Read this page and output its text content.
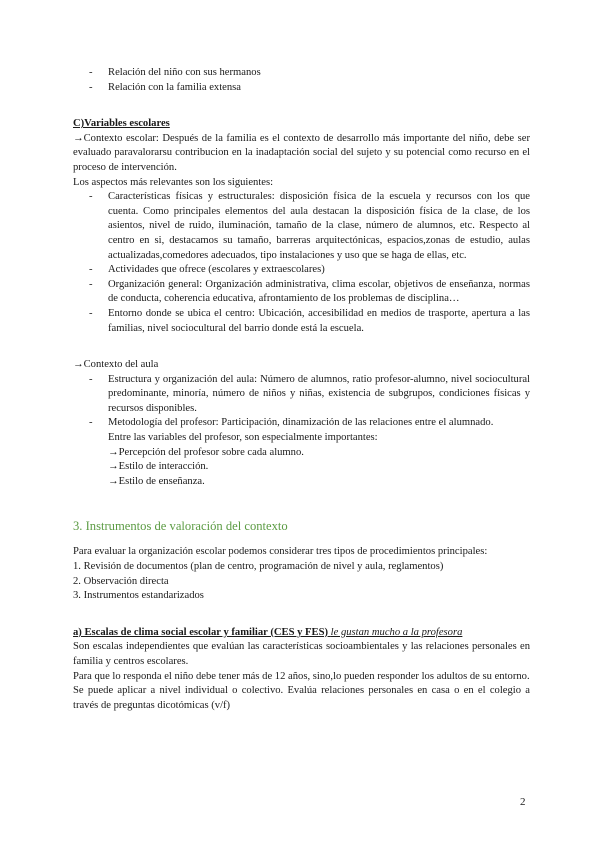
- Relación del niño con sus hermanos
- Relación con la familia extensa

C)Variables escolares

→Contexto escolar: Después de la familia es el contexto de desarrollo más importante del niño, debe ser evaluado paravalorarsu contribucion en la inadaptación social del sujeto y su potencial como recurso en el proceso de intervención.

Los aspectos más relevantes son los siguientes:

- Características físicas y estructurales: disposición física de la escuela y recursos con los que cuenta. Como principales elementos del aula destacan la disposición física de la clase, de los asientos, nivel de ruido, iluminación, tamaño de la clase, número de alumnos, etc. Respecto al centro en si, destacamos su tamaño, barreras arquitectónicas, espacios,zonas de estudio, aulas actualizadas,comedores adecuados, tipo instalaciones y uso que se haga de ellas, etc.
- Actividades que ofrece (escolares y extraescolares)
- Organización general: Organización administrativa, clima escolar, objetivos de enseñanza, normas de conducta, coherencia educativa, afrontamiento de los problemas de disciplina…
- Entorno donde se ubica el centro: Ubicación, accesibilidad en medios de trasporte, apertura a las familias, nivel sociocultural del barrio donde está la escuela.

→Contexto del aula

- Estructura y organización del aula: Número de alumnos, ratio profesor-alumno, nivel sociocultural predominante, minoría, número de niños y niñas, existencia de subgrupos, condiciones físicas y recursos disponibles.
- Metodología del profesor: Participación, dinamización de las relaciones entre el alumnado.

Entre las variables del profesor, son especialmente importantes:

→Percepción del profesor sobre cada alumno.

→Estilo de interacción.

→Estilo de enseñanza.

3. Instrumentos de valoración del contexto

Para evaluar la organización escolar podemos considerar tres tipos de procedimientos principales:

1. Revisión de documentos (plan de centro, programación de nivel y aula, reglamentos)

2. Observación directa

3. Instrumentos estandarizados

a) Escalas de clima social escolar y familiar (CES y FES) le gustan mucho a la profesora

Son escalas independientes que evalúan las características socioambientales y las relaciones personales en familia y centros escolares.

Para que lo responda el niño debe tener más de 12 años, sino,lo pueden responder los adultos de su entorno.

Se puede aplicar a nivel individual o colectivo. Evalúa relaciones personales en casa o en el colegio a través de preguntas dicotómicas (v/f)

2
